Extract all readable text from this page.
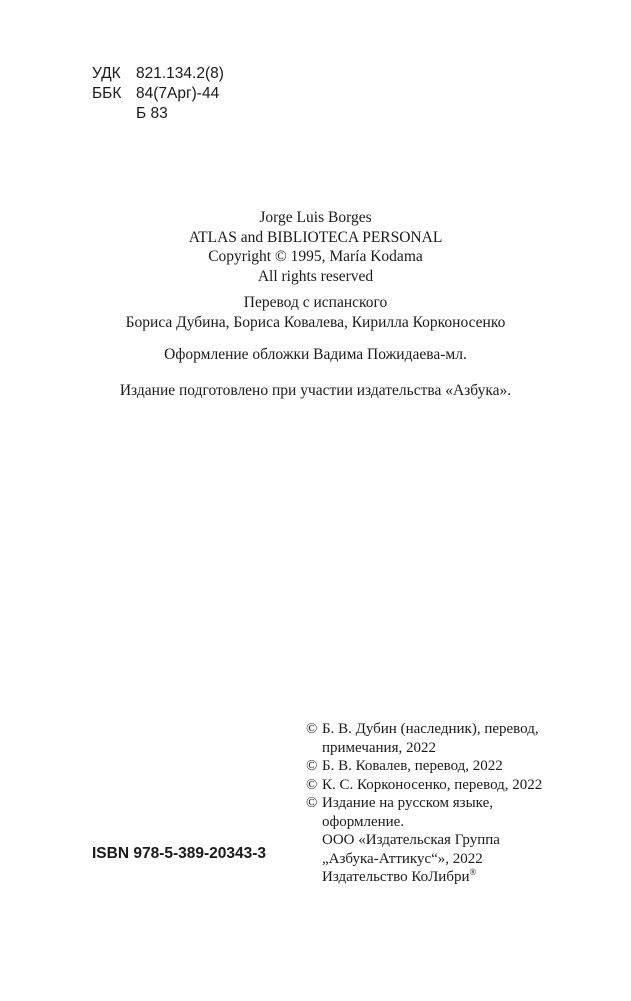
УДК 821.134.2(8)
ББК 84(7Арг)-44
Б 83
Jorge Luis Borges
ATLAS and BIBLIOTECA PERSONAL
Copyright © 1995, María Kodama
All rights reserved
Перевод с испанского
Бориса Дубина, Бориса Ковалева, Кирилла Корконосенко
Оформление обложки Вадима Пожидаева-мл.
Издание подготовлено при участии издательства «Азбука».
© Б. В. Дубин (наследник), перевод,
примечания, 2022
© Б. В. Ковалев, перевод, 2022
© К. С. Корконосенко, перевод, 2022
© Издание на русском языке,
оформление.
ООО «Издательская Группа
„Азбука-Аттикус“», 2022
Издательство КоЛибри®
ISBN 978-5-389-20343-3
